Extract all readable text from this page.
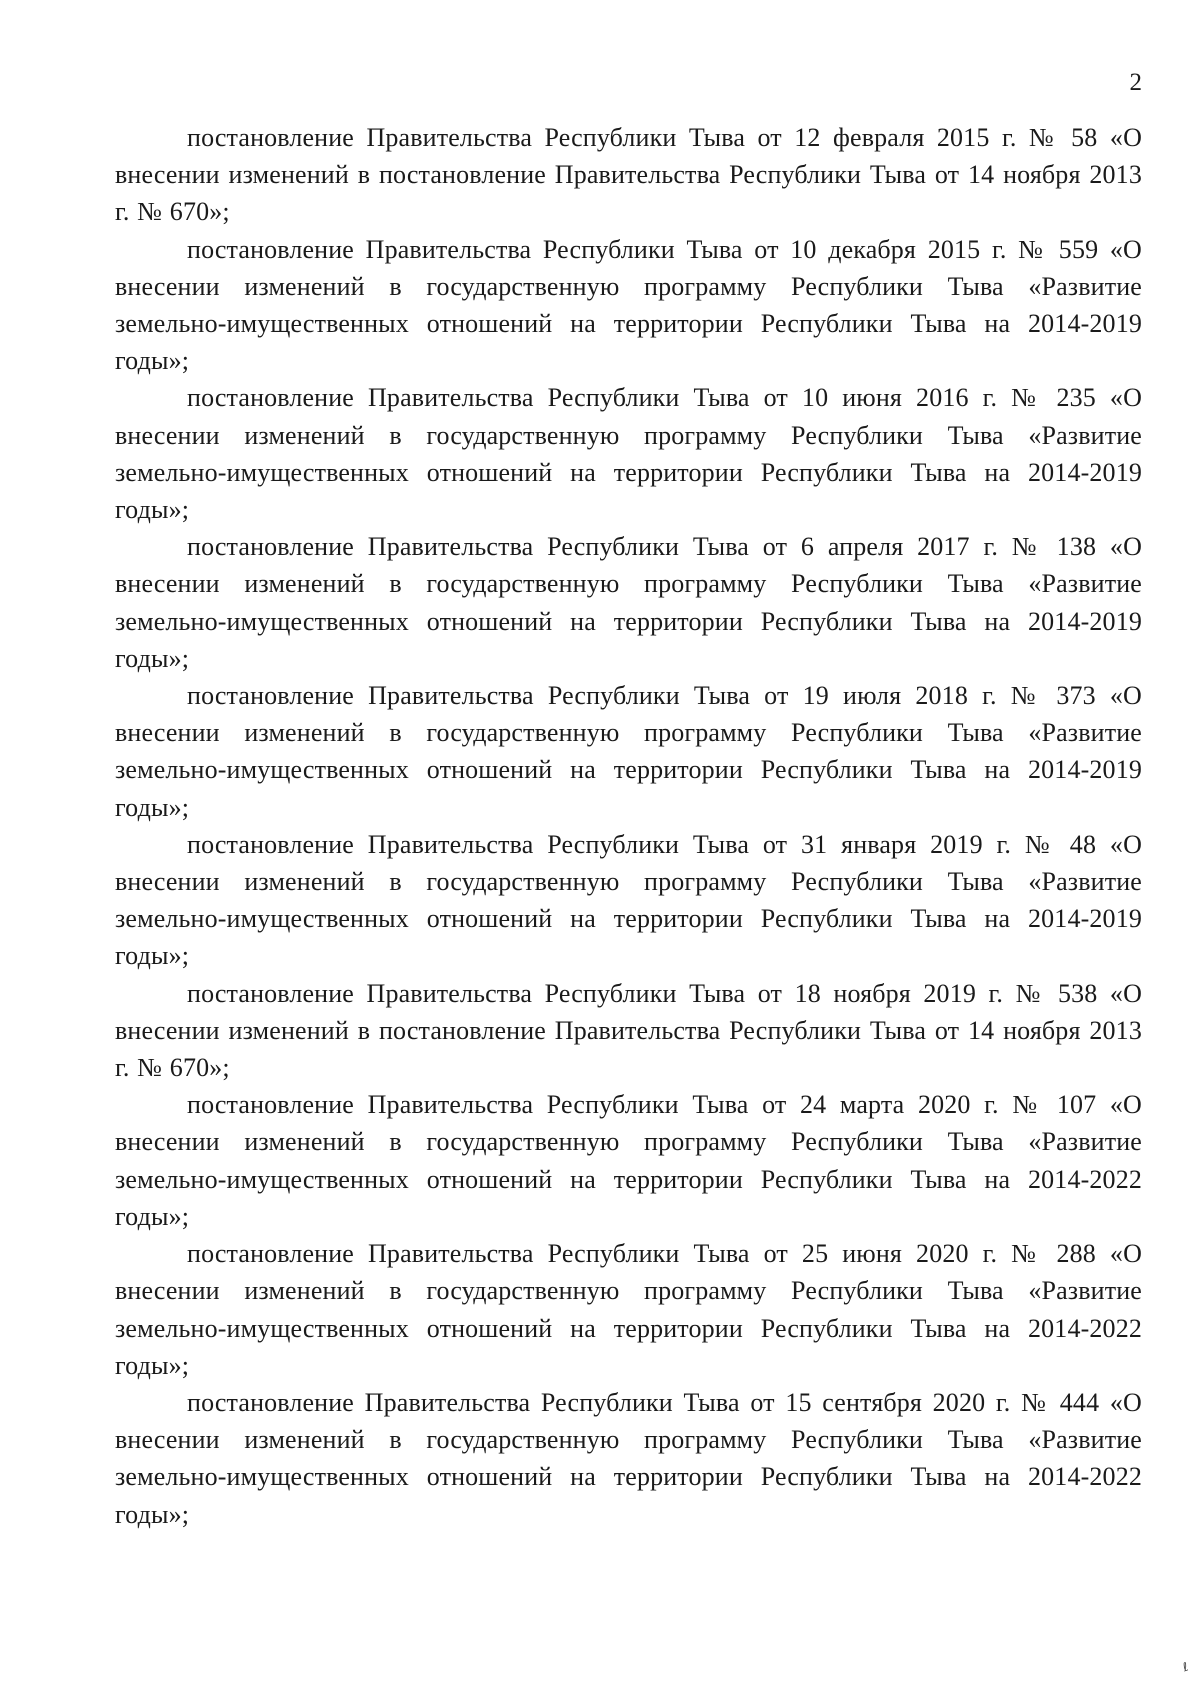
2

постановление Правительства Республики Тыва от 12 февраля 2015 г. № 58 «О внесении изменений в постановление Правительства Республики Тыва от 14 ноября 2013 г. № 670»;

постановление Правительства Республики Тыва от 10 декабря 2015 г. № 559 «О внесении изменений в государственную программу Республики Тыва «Развитие земельно-имущественных отношений на территории Республики Тыва на 2014-2019 годы»;

постановление Правительства Республики Тыва от 10 июня 2016 г. № 235 «О внесении изменений в государственную программу Республики Тыва «Развитие земельно-имущественных отношений на территории Республики Тыва на 2014-2019 годы»;

постановление Правительства Республики Тыва от 6 апреля 2017 г. № 138 «О внесении изменений в государственную программу Республики Тыва «Развитие земельно-имущественных отношений на территории Республики Тыва на 2014-2019 годы»;

постановление Правительства Республики Тыва от 19 июля 2018 г. № 373 «О внесении изменений в государственную программу Республики Тыва «Развитие земельно-имущественных отношений на территории Республики Тыва на 2014-2019 годы»;

постановление Правительства Республики Тыва от 31 января 2019 г. № 48 «О внесении изменений в государственную программу Республики Тыва «Развитие земельно-имущественных отношений на территории Республики Тыва на 2014-2019 годы»;

постановление Правительства Республики Тыва от 18 ноября 2019 г. № 538 «О внесении изменений в постановление Правительства Республики Тыва от 14 ноября 2013 г. № 670»;

постановление Правительства Республики Тыва от 24 марта 2020 г. № 107 «О внесении изменений в государственную программу Республики Тыва «Развитие земельно-имущественных отношений на территории Республики Тыва на 2014-2022 годы»;

постановление Правительства Республики Тыва от 25 июня 2020 г. № 288 «О внесении изменений в государственную программу Республики Тыва «Развитие земельно-имущественных отношений на территории Республики Тыва на 2014-2022 годы»;

постановление Правительства Республики Тыва от 15 сентября 2020 г. № 444 «О внесении изменений в государственную программу Республики Тыва «Развитие земельно-имущественных отношений на территории Республики Тыва на 2014-2022 годы»;

ℓ
